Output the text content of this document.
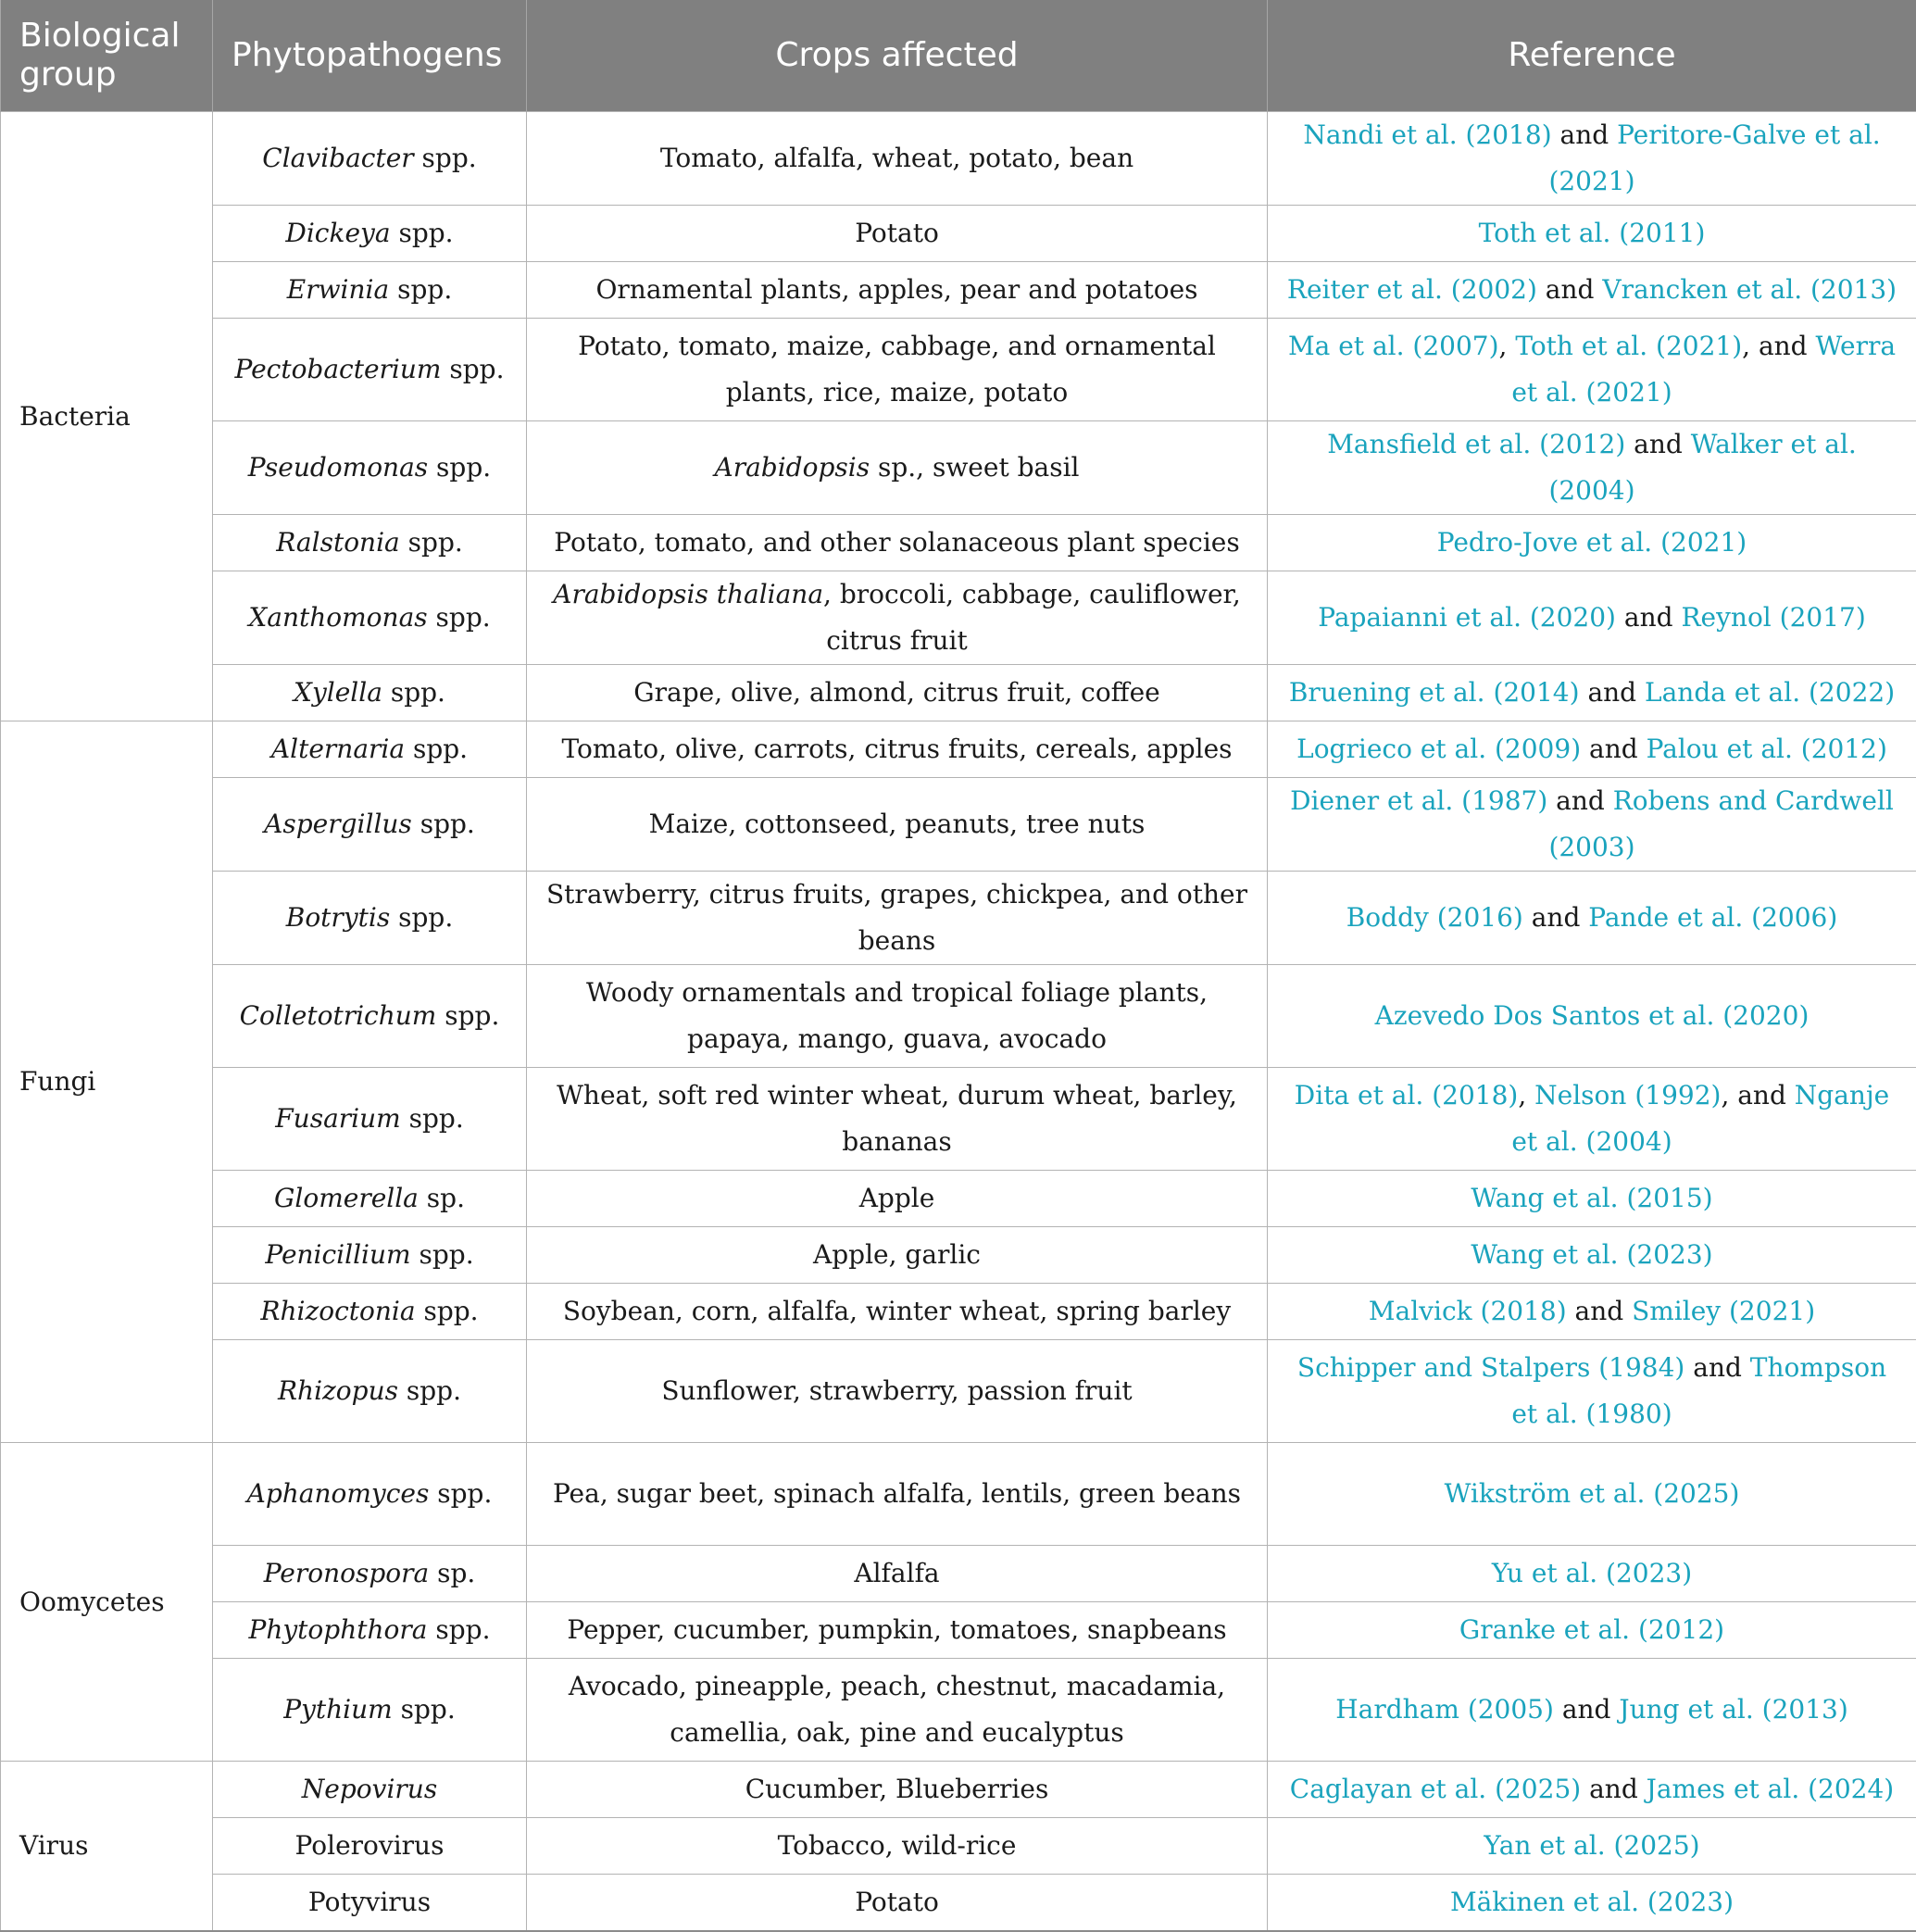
Biological group	Phytopathogens	Crops affected	Reference
Bacteria	Clavibacter spp.	Tomato, alfalfa, wheat, potato, bean	Nandi et al. (2018) and Peritore-Galve et al. (2021)
	Dickeya spp.	Potato	Toth et al. (2011)
	Erwinia spp.	Ornamental plants, apples, pear and potatoes	Reiter et al. (2002) and Vrancken et al. (2013)
	Pectobacterium spp.	Potato, tomato, maize, cabbage, and ornamental plants, rice, maize, potato	Ma et al. (2007), Toth et al. (2021), and Werra et al. (2021)
	Pseudomonas spp.	Arabidopsis sp., sweet basil	Mansfield et al. (2012) and Walker et al. (2004)
	Ralstonia spp.	Potato, tomato, and other solanaceous plant species	Pedro-Jove et al. (2021)
	Xanthomonas spp.	Arabidopsis thaliana, broccoli, cabbage, cauliflower, citrus fruit	Papaianni et al. (2020) and Reynol (2017)
	Xylella spp.	Grape, olive, almond, citrus fruit, coffee	Bruening et al. (2014) and Landa et al. (2022)
Fungi	Alternaria spp.	Tomato, olive, carrots, citrus fruits, cereals, apples	Logrieco et al. (2009) and Palou et al. (2012)
	Aspergillus spp.	Maize, cottonseed, peanuts, tree nuts	Diener et al. (1987) and Robens and Cardwell (2003)
	Botrytis spp.	Strawberry, citrus fruits, grapes, chickpea, and other beans	Boddy (2016) and Pande et al. (2006)
	Colletotrichum spp.	Woody ornamentals and tropical foliage plants, papaya, mango, guava, avocado	Azevedo Dos Santos et al. (2020)
	Fusarium spp.	Wheat, soft red winter wheat, durum wheat, barley, bananas	Dita et al. (2018), Nelson (1992), and Nganje et al. (2004)
	Glomerella sp.	Apple	Wang et al. (2015)
	Penicillium spp.	Apple, garlic	Wang et al. (2023)
	Rhizoctonia spp.	Soybean, corn, alfalfa, winter wheat, spring barley	Malvick (2018) and Smiley (2021)
	Rhizopus spp.	Sunflower, strawberry, passion fruit	Schipper and Stalpers (1984) and Thompson et al. (1980)
Oomycetes	Aphanomyces spp.	Pea, sugar beet, spinach alfalfa, lentils, green beans	Wikström et al. (2025)
	Peronospora sp.	Alfalfa	Yu et al. (2023)
	Phytophthora spp.	Pepper, cucumber, pumpkin, tomatoes, snapbeans	Granke et al. (2012)
	Pythium spp.	Avocado, pineapple, peach, chestnut, macadamia, camellia, oak, pine and eucalyptus	Hardham (2005) and Jung et al. (2013)
Virus	Nepovirus	Cucumber, Blueberries	Caglayan et al. (2025) and James et al. (2024)
	Polerovirus	Tobacco, wild-rice	Yan et al. (2025)
	Potyvirus	Potato	Mäkinen et al. (2023)
